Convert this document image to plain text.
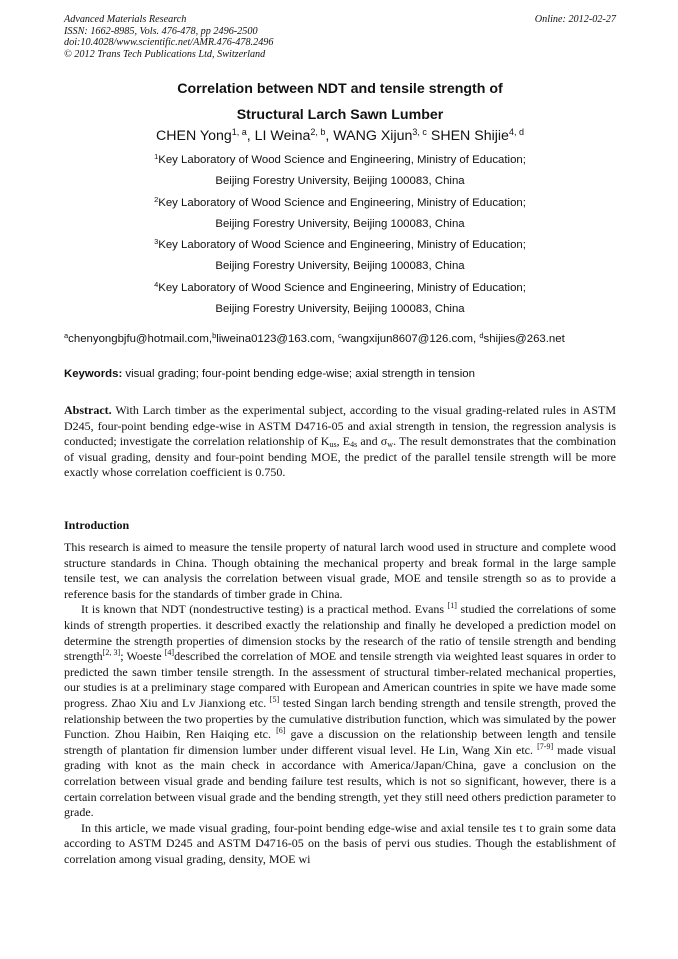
Advanced Materials Research
ISSN: 1662-8985, Vols. 476-478, pp 2496-2500
doi:10.4028/www.scientific.net/AMR.476-478.2496
© 2012 Trans Tech Publications Ltd, Switzerland
Online: 2012-02-27
Correlation between NDT and tensile strength of
Structural Larch Sawn Lumber
CHEN Yong$^{1, a}$, LI Weina$^{2, b}$, WANG Xijun$^{3, c}$ SHEN Shijie$^{4, d}$
$^1$Key Laboratory of Wood Science and Engineering, Ministry of Education;
Beijing Forestry University, Beijing 100083, China
$^2$Key Laboratory of Wood Science and Engineering, Ministry of Education;
Beijing Forestry University, Beijing 100083, China
$^3$Key Laboratory of Wood Science and Engineering, Ministry of Education;
Beijing Forestry University, Beijing 100083, China
$^4$Key Laboratory of Wood Science and Engineering, Ministry of Education;
Beijing Forestry University, Beijing 100083, China
$^a$chenyongbjfu@hotmail.com,$^b$liweina0123@163.com, $^c$wangxijun8607@126.com, $^d$shijies@263.net
Keywords: visual grading; four-point bending edge-wise; axial strength in tension
Abstract. With Larch timber as the experimental subject, according to the visual grading-related rules in ASTM D245, four-point bending edge-wise in ASTM D4716-05 and axial strength in tension, the regression analysis is conducted; investigate the correlation relationship of $K_{us}$, $E_{4s}$ and $\sigma_w$. The result demonstrates that the combination of visual grading, density and four-point bending MOE, the predict of the parallel tensile strength will be more exactly whose correlation coefficient is 0.750.
Introduction
This research is aimed to measure the tensile property of natural larch wood used in structure and complete wood structure standards in China. Though obtaining the mechanical property and break formal in the large sample tensile test, we can analysis the correlation between visual grade, MOE and tensile strength so as to provide a reference basis for the standards of timber grade in China.
It is known that NDT (nondestructive testing) is a practical method. Evans [1] studied the correlations of some kinds of strength properties. it described exactly the relationship and finally he developed a prediction model on determine the strength properties of dimension stocks by the research of the ratio of tensile strength and bending strength[2, 3]; Woeste [4]described the correlation of MOE and tensile strength via weighted least squares in order to predicted the sawn timber tensile strength. In the assessment of structural timber-related mechanical properties, our studies is at a preliminary stage compared with European and American countries in spite we have made some progress. Zhao Xiu and Lv Jianxiong etc. [5] tested Singan larch bending strength and tensile strength, proved the relationship between the two properties by the cumulative distribution function, which was simulated by the power Function. Zhou Haibin, Ren Haiqing etc. [6] gave a discussion on the relationship between length and tensile strength of plantation fir dimension lumber under different visual level. He Lin, Wang Xin etc. [7-9] made visual grading with knot as the main check in accordance with America/Japan/China, gave a conclusion on the correlation between visual grade and bending failure test results, which is not so significant, however, there is a certain correlation between visual grade and the bending strength, yet they still need others prediction parameter to grade.
In this article, we made visual grading, four-point bending edge-wise and axial tensile tes t to grain some data according to ASTM D245 and ASTM D4716-05 on the basis of pervi ous studies. Though the establishment of correlation among visual grading, density, MOE wi
